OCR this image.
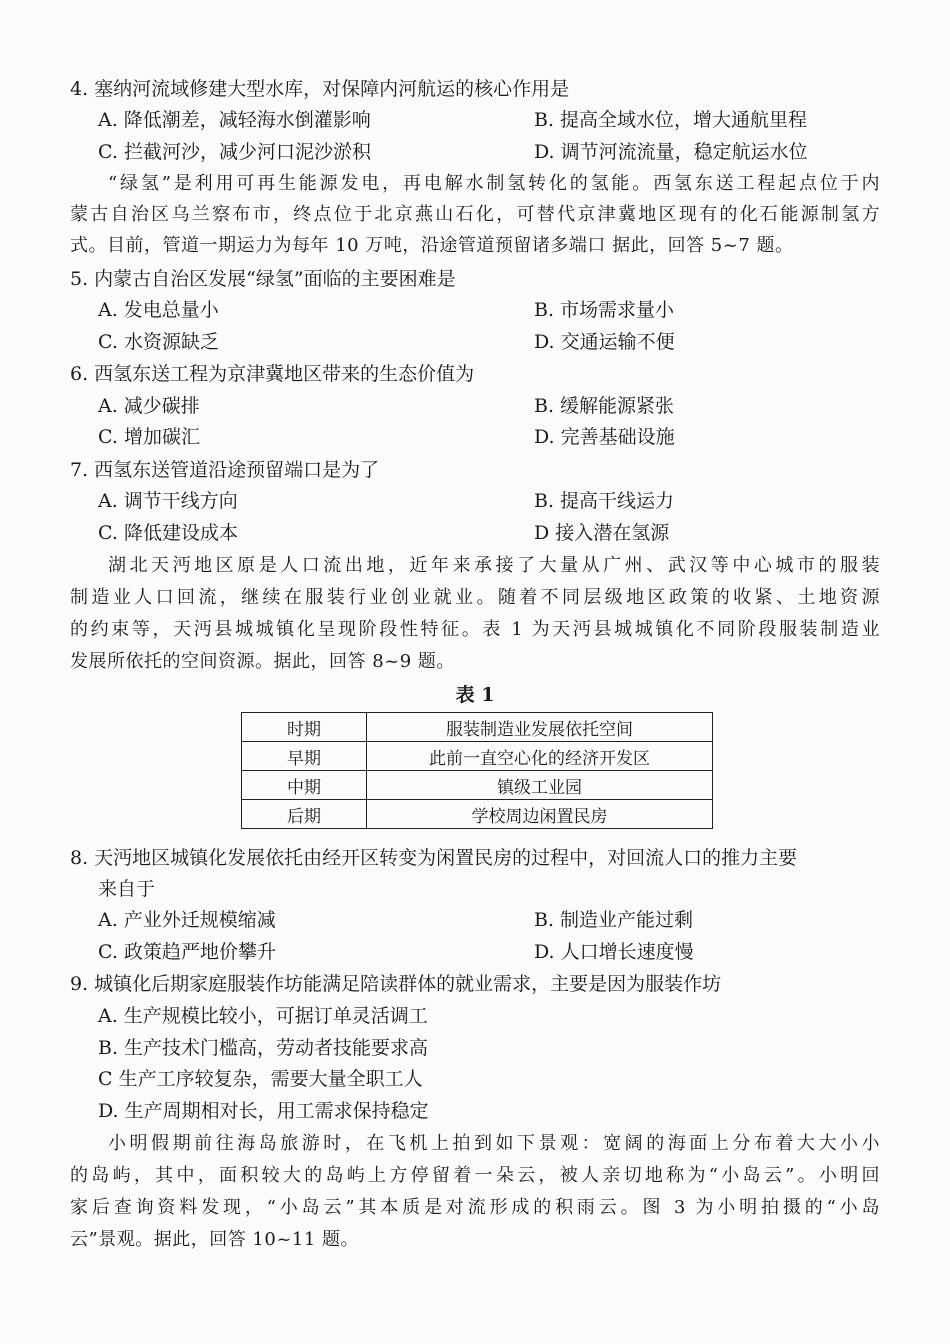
4. 塞纳河流域修建大型水库，对保障内河航运的核心作用是
A. 降低潮差，减轻海水倒灌影响	B. 提高全域水位，增大通航里程
C. 拦截河沙，减少河口泥沙淤积	D. 调节河流流量，稳定航运水位
“绿氢”是利用可再生能源发电，再电解水制氢转化的氢能。西氢东送工程起点位于内
蒙古自治区乌兰察布市，终点位于北京燕山石化，可替代京津冀地区现有的化石能源制氢方
式。目前，管道一期运力为每年 10 万吨，沿途管道预留诸多端口 据此，回答 5~7 题。
5. 内蒙古自治区发展“绿氢”面临的主要困难是
A. 发电总量小	B. 市场需求量小
C. 水资源缺乏	D. 交通运输不便
6. 西氢东送工程为京津冀地区带来的生态价值为
A. 减少碳排	B. 缓解能源紧张
C. 增加碳汇	D. 完善基础设施
7. 西氢东送管道沿途预留端口是为了
A. 调节干线方向	B. 提高干线运力
C. 降低建设成本	D 接入潜在氢源
湖北天沔地区原是人口流出地，近年来承接了大量从广州、武汉等中心城市的服装
制造业人口回流，继续在服装行业创业就业。随着不同层级地区政策的收紧、土地资源
的约束等，天沔县城城镇化呈现阶段性特征。表 1 为天沔县城城镇化不同阶段服装制造业
发展所依托的空间资源。据此，回答 8~9 题。
表 1
时期	服装制造业发展依托空间
早期	此前一直空心化的经济开发区
中期	镇级工业园
后期	学校周边闲置民房
8. 天沔地区城镇化发展依托由经开区转变为闲置民房的过程中，对回流人口的推力主要
来自于
A. 产业外迁规模缩减	B. 制造业产能过剩
C. 政策趋严地价攀升	D. 人口增长速度慢
9. 城镇化后期家庭服装作坊能满足陪读群体的就业需求，主要是因为服装作坊
A. 生产规模比较小，可据订单灵活调工
B. 生产技术门槛高，劳动者技能要求高
C 生产工序较复杂，需要大量全职工人
D. 生产周期相对长，用工需求保持稳定
小明假期前往海岛旅游时，在飞机上拍到如下景观：宽阔的海面上分布着大大小小
的岛屿，其中，面积较大的岛屿上方停留着一朵云，被人亲切地称为“小岛云”。小明回
家后查询资料发现，“小岛云”其本质是对流形成的积雨云。图 3 为小明拍摄的“小岛
云”景观。据此，回答 10~11 题。
